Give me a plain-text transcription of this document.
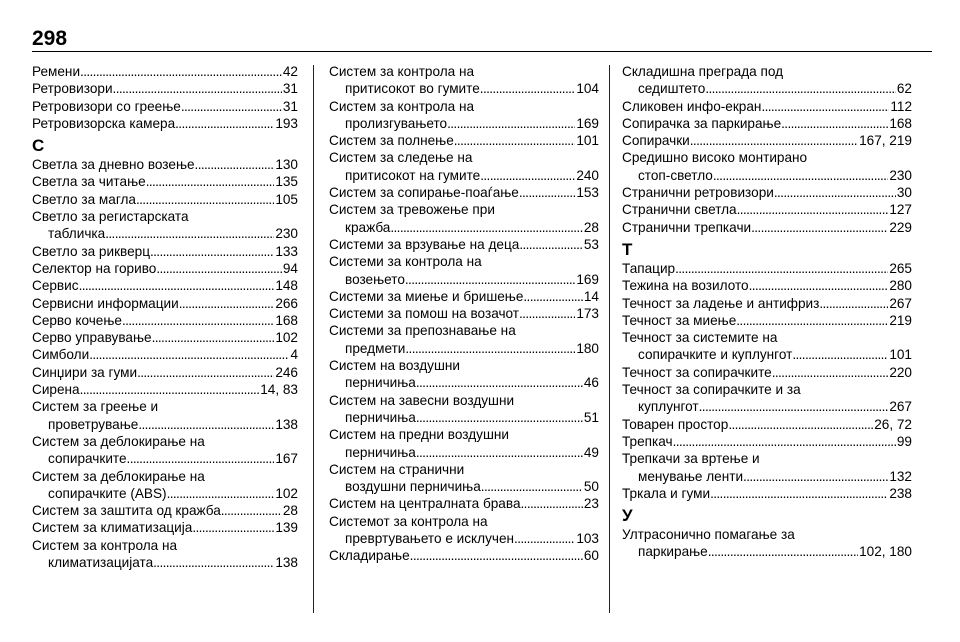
298
Ремени . . .	42
Ретровизори . . .	31
Ретровизори со греење . . .	31
Ретровизорска камера . . .	193
С
Светла за дневно возење . . .	130
Светла за читање . . .	135
Светло за магла . . .	105
Светло за регистарската
табличка . . .	230
Светло за рикверц . . .	133
Селектор на гориво . . .	94
Сервис . . .	148
Сервисни информации . . .	266
Серво кочење . . .	168
Серво управување . . .	102
Симболи . . .	4
Синџири за гуми . . .	246
Сирена . . .	14, 83
Систем за греење и
проветрување . . .	138
Систем за деблокирање на
сопирачките . . .	167
Систем за деблокирање на
сопирачките (ABS) . . .	102
Систем за заштита од кражба . . .	28
Систем за климатизација . . .	139
Систем за контрола на
климатизацијата . . .	138
Систем за контрола на
притисокот во гумите . . .	104
Систем за контрола на
пролизгувањето . . .	169
Систем за полнење . . .	101
Систем за следење на
притисокот на гумите . . .	240
Систем за сопирање-поаѓање . . .	153
Систем за тревожење при
кражба . . .	28
Системи за врзување на деца . . .	53
Системи за контрола на
возењето . . .	169
Системи за миење и бришење . . .	14
Системи за помош на возачот . . .	173
Системи за препознавање на
предмети . . .	180
Систем на воздушни
перничиња . . .	46
Систем на завесни воздушни
перничиња . . .	51
Систем на предни воздушни
перничиња . . .	49
Систем на странични
воздушни перничиња . . .	50
Систем на централната брава . . .	23
Системот за контрола на
превртувањето е исклучен . . .	103
Складирање . . .	60
Складишна преграда под
седиштето . . .	62
Сликовен инфо-екран . . .	112
Сопирачка за паркирање . . .	168
Сопирачки . . .	167, 219
Средишно високо монтирано
стоп-светло . . .	230
Странични ретровизори . . .	30
Странични светла . . .	127
Странични трепкачи . . .	229
Т
Тапацир . . .	265
Тежина на возилото . . .	280
Течност за ладење и антифриз . . .	267
Течност за миење . . .	219
Течност за системите на
сопирачките и куплунгот . . .	101
Течност за сопирачките . . .	220
Течност за сопирачките и за
куплунгот . . .	267
Товарен простор . . .	26, 72
Трепкач . . .	99
Трепкачи за вртење и
менување ленти . . .	132
Тркала и гуми . . .	238
У
Ултрасонично помагање за
паркирање . . .	102, 180
